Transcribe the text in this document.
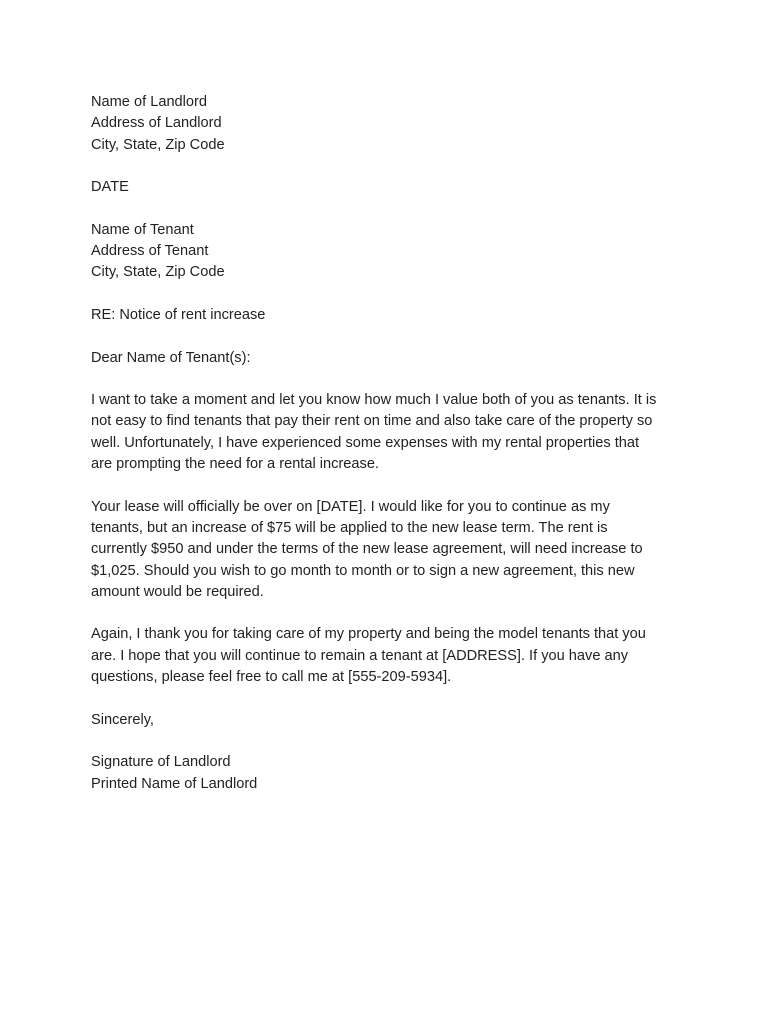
Name of Landlord
Address of Landlord
City, State, Zip Code
DATE
Name of Tenant
Address of Tenant
City, State, Zip Code
RE: Notice of rent increase
Dear Name of Tenant(s):
I want to take a moment and let you know how much I value both of you as tenants. It is
not easy to find tenants that pay their rent on time and also take care of the property so
well. Unfortunately, I have experienced some expenses with my rental properties that
are prompting the need for a rental increase.
Your lease will officially be over on [DATE]. I would like for you to continue as my
tenants, but an increase of $75 will be applied to the new lease term. The rent is
currently $950 and under the terms of the new lease agreement, will need increase to
$1,025. Should you wish to go month to month or to sign a new agreement, this new
amount would be required.
Again, I thank you for taking care of my property and being the model tenants that you
are. I hope that you will continue to remain a tenant at [ADDRESS]. If you have any
questions, please feel free to call me at [555-209-5934].
Sincerely,
Signature of Landlord
Printed Name of Landlord
